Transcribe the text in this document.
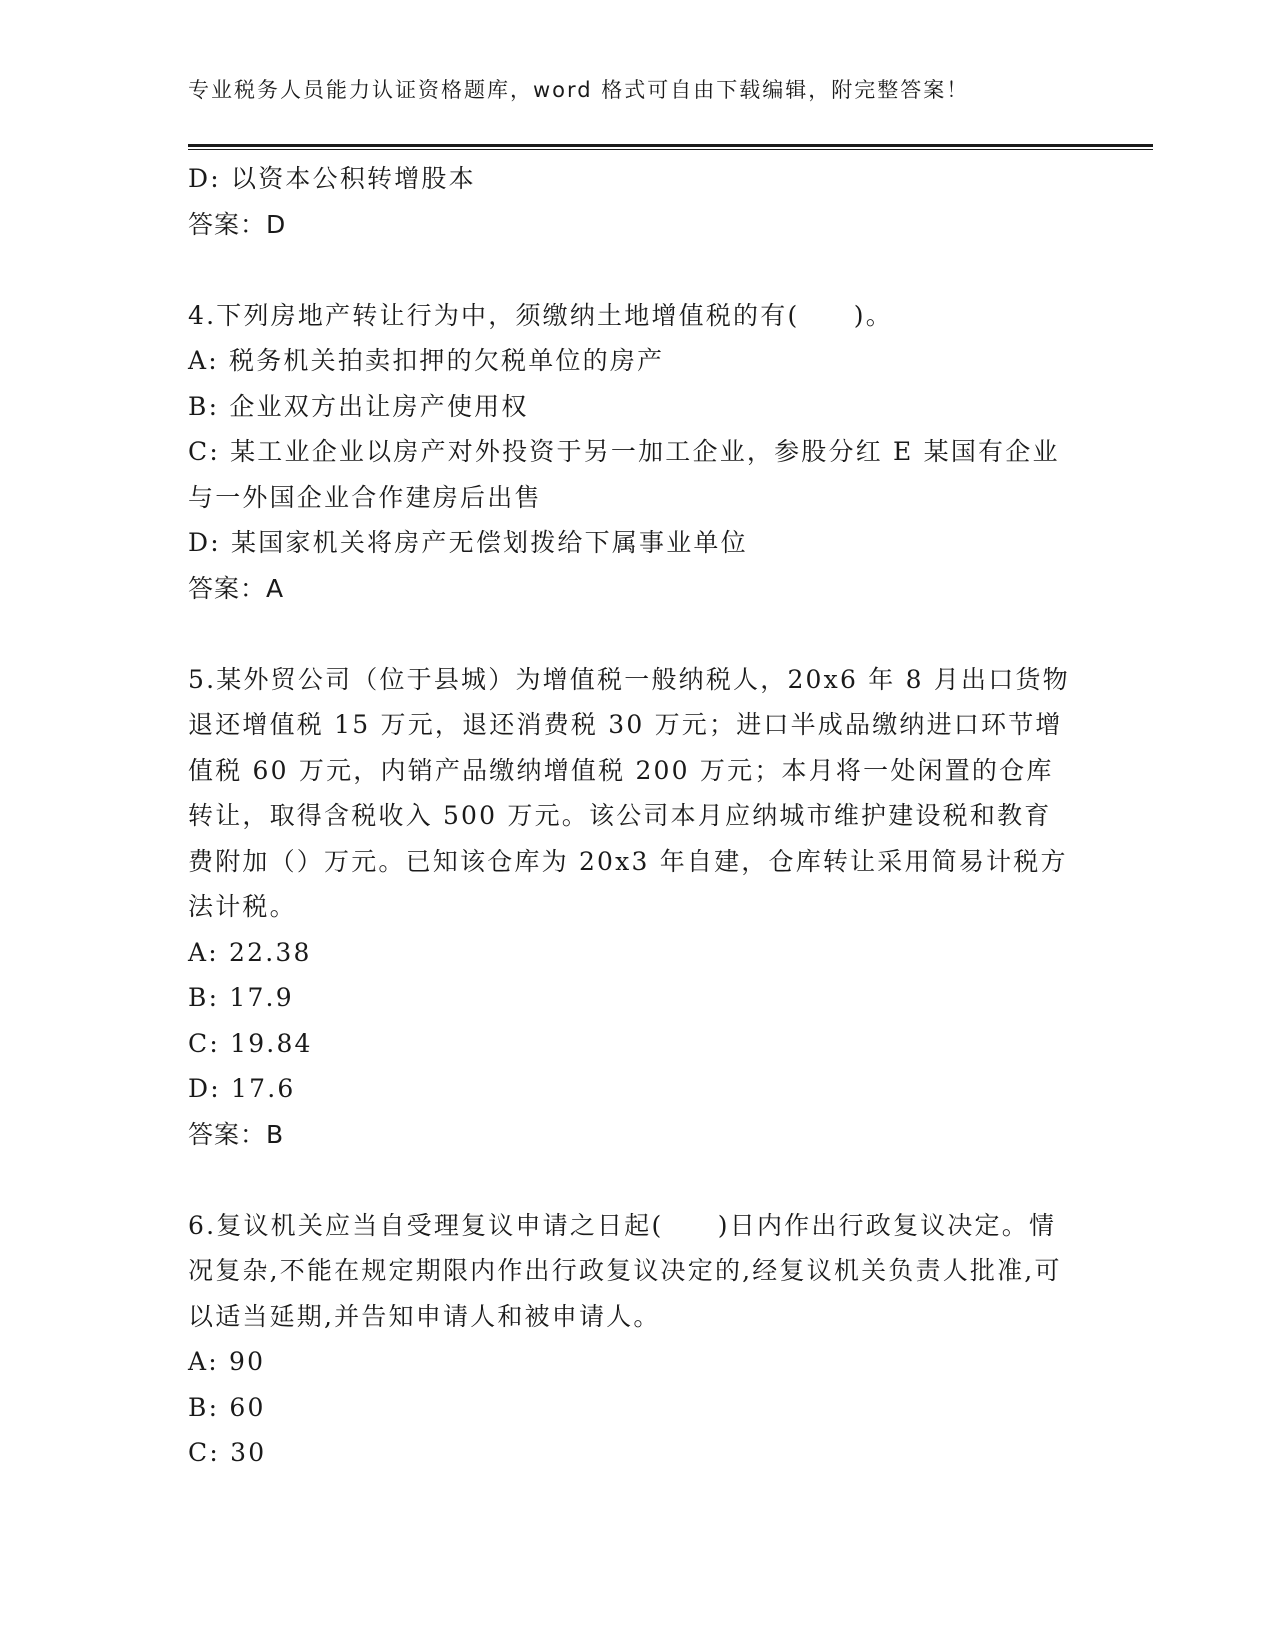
专业税务人员能力认证资格题库，word 格式可自由下载编辑，附完整答案！
D: 以资本公积转增股本
答案：D
4.下列房地产转让行为中，须缴纳土地增值税的有(　　)。
A: 税务机关拍卖扣押的欠税单位的房产
B: 企业双方出让房产使用权
C: 某工业企业以房产对外投资于另一加工企业，参股分红 E 某国有企业与一外国企业合作建房后出售
D: 某国家机关将房产无偿划拨给下属事业单位
答案：A
5.某外贸公司（位于县城）为增值税一般纳税人，20x6 年 8 月出口货物退还增值税 15 万元，退还消费税 30 万元；进口半成品缴纳进口环节增值税 60 万元，内销产品缴纳增值税 200 万元；本月将一处闲置的仓库转让，取得含税收入 500 万元。该公司本月应纳城市维护建设税和教育费附加（）万元。已知该仓库为 20x3 年自建，仓库转让采用简易计税方法计税。
A: 22.38
B: 17.9
C: 19.84
D: 17.6
答案：B
6.复议机关应当自受理复议申请之日起(　　)日内作出行政复议决定。情况复杂,不能在规定期限内作出行政复议决定的,经复议机关负责人批准,可以适当延期,并告知申请人和被申请人。
A: 90
B: 60
C: 30
